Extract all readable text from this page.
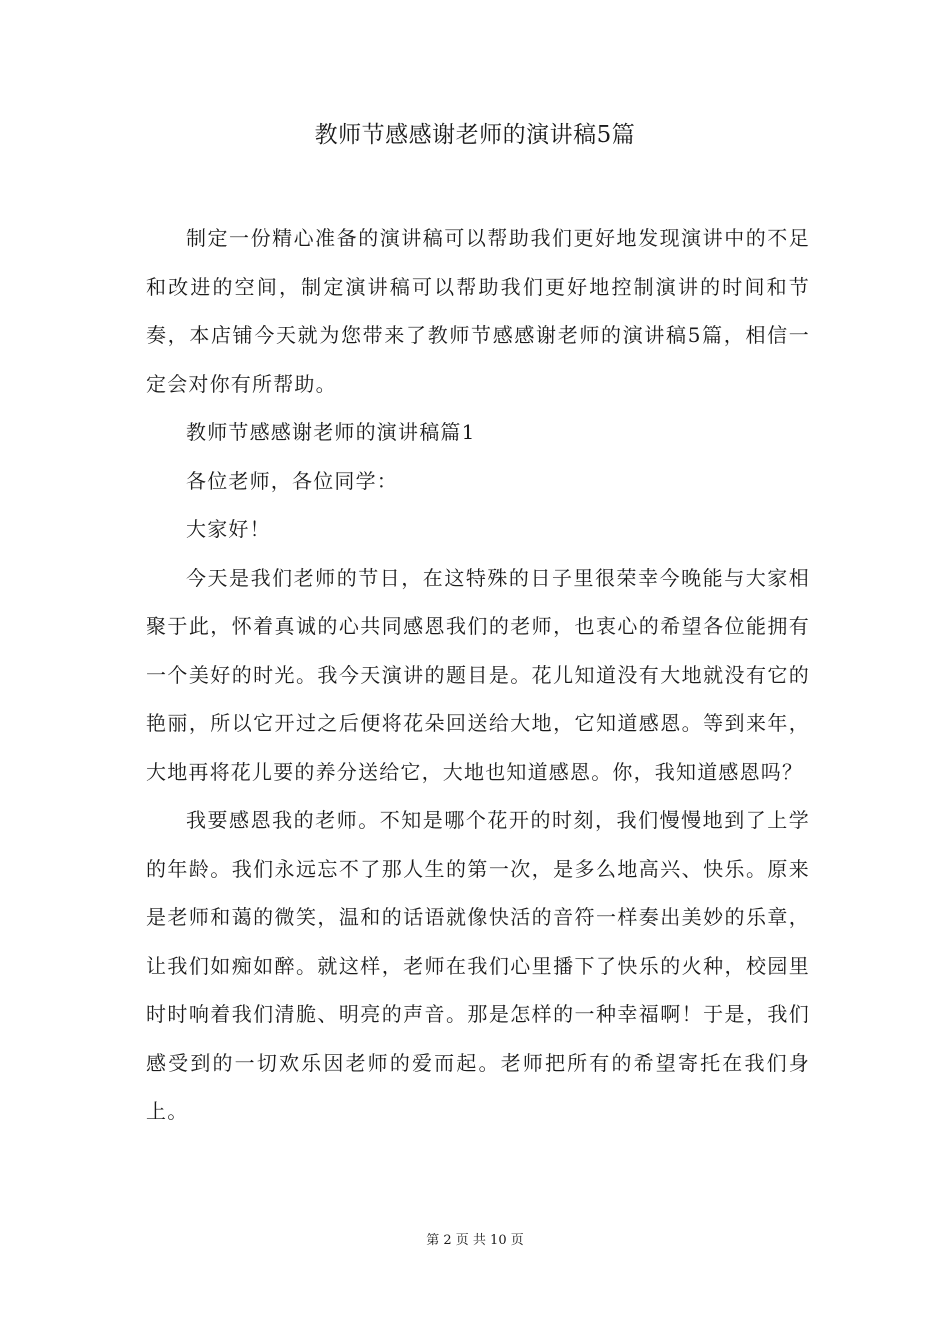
教师节感感谢老师的演讲稿5篇

制定一份精心准备的演讲稿可以帮助我们更好地发现演讲中的不足和改进的空间，制定演讲稿可以帮助我们更好地控制演讲的时间和节奏，本店铺今天就为您带来了教师节感感谢老师的演讲稿5篇，相信一定会对你有所帮助。

教师节感感谢老师的演讲稿篇1

各位老师，各位同学：

大家好！

今天是我们老师的节日，在这特殊的日子里很荣幸今晚能与大家相聚于此，怀着真诚的心共同感恩我们的老师，也衷心的希望各位能拥有一个美好的时光。我今天演讲的题目是。花儿知道没有大地就没有它的艳丽，所以它开过之后便将花朵回送给大地，它知道感恩。等到来年，大地再将花儿要的养分送给它，大地也知道感恩。你，我知道感恩吗？

我要感恩我的老师。不知是哪个花开的时刻，我们慢慢地到了上学的年龄。我们永远忘不了那人生的第一次，是多么地高兴、快乐。原来是老师和蔼的微笑，温和的话语就像快活的音符一样奏出美妙的乐章，让我们如痴如醉。就这样，老师在我们心里播下了快乐的火种，校园里时时响着我们清脆、明亮的声音。那是怎样的一种幸福啊！于是，我们感受到的一切欢乐因老师的爱而起。老师把所有的希望寄托在我们身上。

第 2 页 共 10 页
